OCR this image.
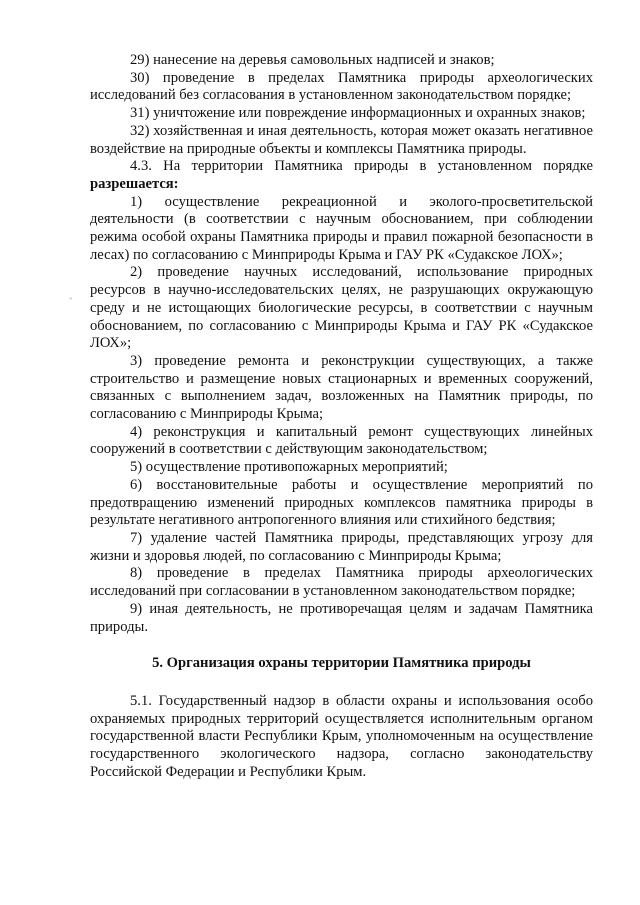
29) нанесение на деревья самовольных надписей и знаков;

30) проведение в пределах Памятника природы археологических исследований без согласования в установленном законодательством порядке;

31) уничтожение или повреждение информационных и охранных знаков;

32) хозяйственная и иная деятельность, которая может оказать негативное воздействие на природные объекты и комплексы Памятника природы.

4.3. На территории Памятника природы в установленном порядке разрешается:

1) осуществление рекреационной и эколого-просветительской деятельности (в соответствии с научным обоснованием, при соблюдении режима особой охраны Памятника природы и правил пожарной безопасности в лесах) по согласованию с Минприроды Крыма и ГАУ РК «Судакское ЛОХ»;

2) проведение научных исследований, использование природных ресурсов в научно-исследовательских целях, не разрушающих окружающую среду и не истощающих биологические ресурсы, в соответствии с научным обоснованием, по согласованию с Минприроды Крыма и ГАУ РК «Судакское ЛОХ»;

3) проведение ремонта и реконструкции существующих, а также строительство и размещение новых стационарных и временных сооружений, связанных с выполнением задач, возложенных на Памятник природы, по согласованию с Минприроды Крыма;

4) реконструкция и капитальный ремонт существующих линейных сооружений в соответствии с действующим законодательством;

5) осуществление противопожарных мероприятий;

6) восстановительные работы и осуществление мероприятий по предотвращению изменений природных комплексов памятника природы в результате негативного антропогенного влияния или стихийного бедствия;

7) удаление частей Памятника природы, представляющих угрозу для жизни и здоровья людей, по согласованию с Минприроды Крыма;

8) проведение в пределах Памятника природы археологических исследований при согласовании в установленном законодательством порядке;

9) иная деятельность, не противоречащая целям и задачам Памятника природы.

5. Организация охраны территории Памятника природы

5.1. Государственный надзор в области охраны и использования особо охраняемых природных территорий осуществляется исполнительным органом государственной власти Республики Крым, уполномоченным на осуществление государственного экологического надзора, согласно законодательству Российской Федерации и Республики Крым.

ˇ
